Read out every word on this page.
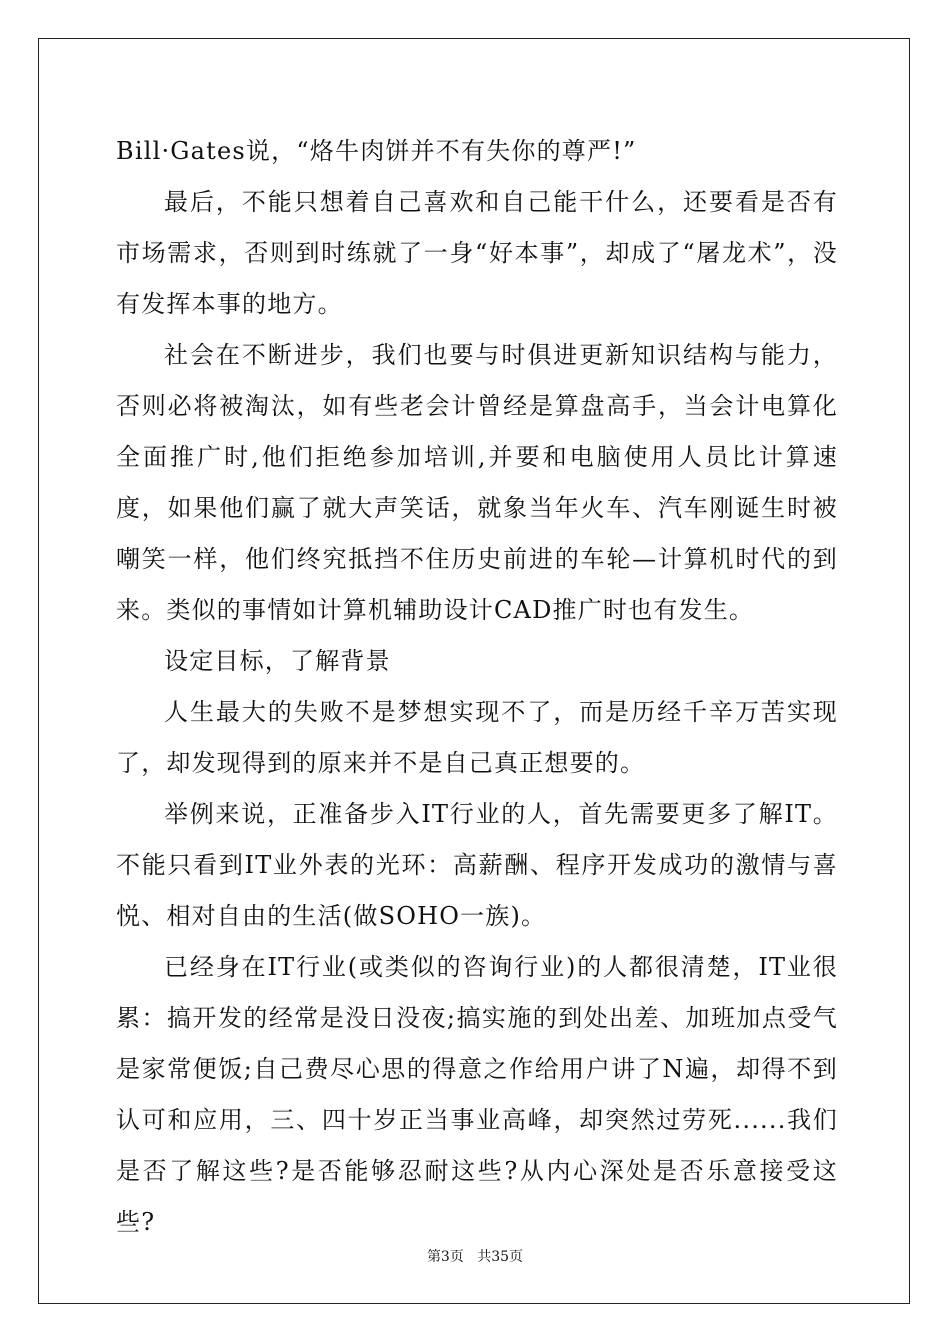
Bill·Gates说，“烙牛肉饼并不有失你的尊严!”

最后，不能只想着自己喜欢和自己能干什么，还要看是否有市场需求，否则到时练就了一身“好本事”，却成了“屠龙术”，没有发挥本事的地方。

社会在不断进步，我们也要与时俱进更新知识结构与能力，否则必将被淘汰，如有些老会计曾经是算盘高手，当会计电算化全面推广时,他们拒绝参加培训,并要和电脑使用人员比计算速度，如果他们赢了就大声笑话，就象当年火车、汽车刚诞生时被嘲笑一样，他们终究抵挡不住历史前进的车轮—计算机时代的到来。类似的事情如计算机辅助设计CAD推广时也有发生。

设定目标，了解背景

人生最大的失败不是梦想实现不了，而是历经千辛万苦实现了，却发现得到的原来并不是自己真正想要的。

举例来说，正准备步入IT行业的人，首先需要更多了解IT。不能只看到IT业外表的光环：高薪酬、程序开发成功的激情与喜悦、相对自由的生活(做SOHO一族)。

已经身在IT行业(或类似的咨询行业)的人都很清楚，IT业很累：搞开发的经常是没日没夜;搞实施的到处出差、加班加点受气是家常便饭;自己费尽心思的得意之作给用户讲了N遍，却得不到认可和应用，三、四十岁正当事业高峰，却突然过劳死......我们是否了解这些?是否能够忍耐这些?从内心深处是否乐意接受这些?

第3页 共35页
